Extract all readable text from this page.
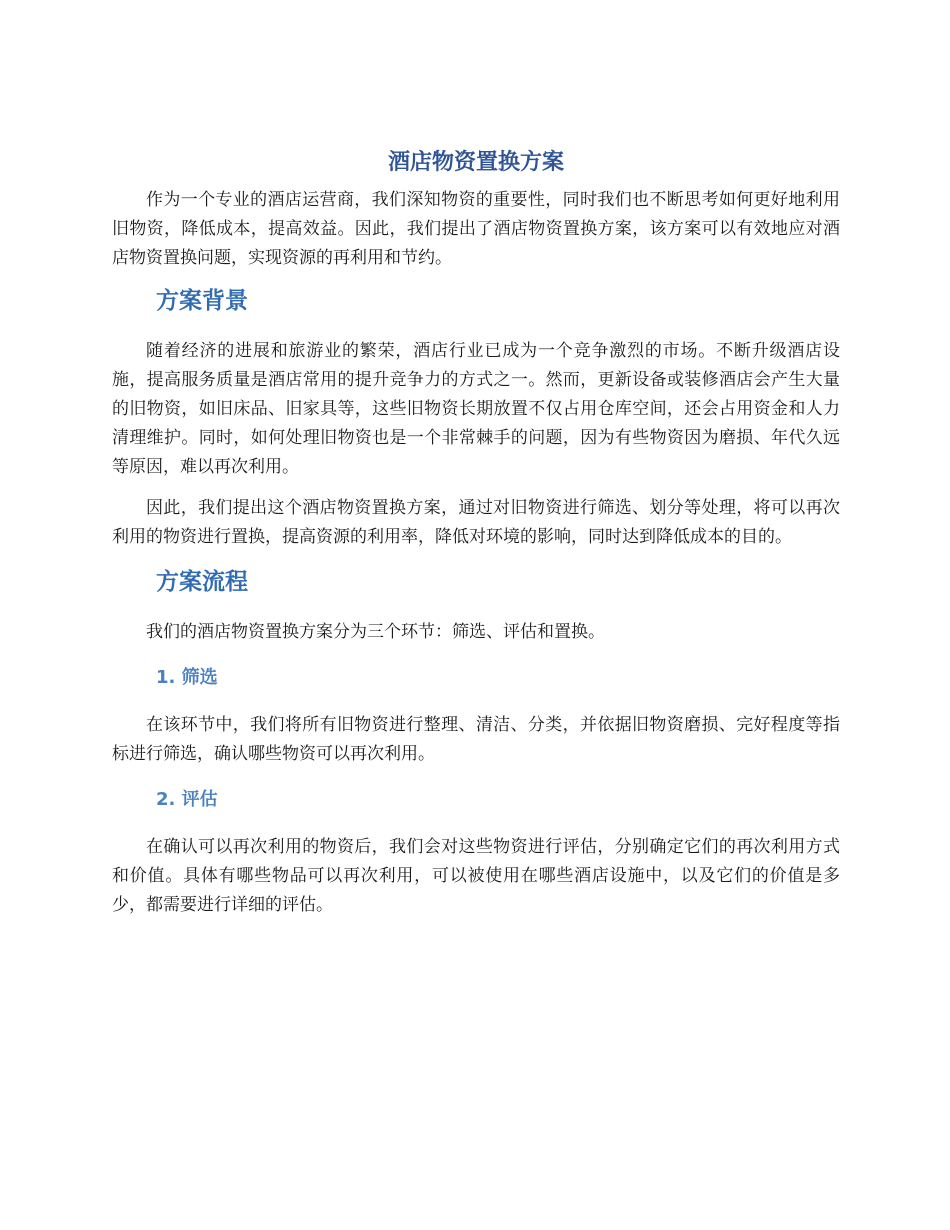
酒店物资置换方案

作为一个专业的酒店运营商，我们深知物资的重要性，同时我们也不断思考如何更好地利用旧物资，降低成本，提高效益。因此，我们提出了酒店物资置换方案，该方案可以有效地应对酒店物资置换问题，实现资源的再利用和节约。

方案背景

随着经济的进展和旅游业的繁荣，酒店行业已成为一个竞争激烈的市场。不断升级酒店设施，提高服务质量是酒店常用的提升竞争力的方式之一。然而，更新设备或装修酒店会产生大量的旧物资，如旧床品、旧家具等，这些旧物资长期放置不仅占用仓库空间，还会占用资金和人力清理维护。同时，如何处理旧物资也是一个非常棘手的问题，因为有些物资因为磨损、年代久远等原因，难以再次利用。

因此，我们提出这个酒店物资置换方案，通过对旧物资进行筛选、划分等处理，将可以再次利用的物资进行置换，提高资源的利用率，降低对环境的影响，同时达到降低成本的目的。

方案流程

我们的酒店物资置换方案分为三个环节：筛选、评估和置换。

1. 筛选

在该环节中，我们将所有旧物资进行整理、清洁、分类，并依据旧物资磨损、完好程度等指标进行筛选，确认哪些物资可以再次利用。

2. 评估

在确认可以再次利用的物资后，我们会对这些物资进行评估，分别确定它们的再次利用方式和价值。具体有哪些物品可以再次利用，可以被使用在哪些酒店设施中，以及它们的价值是多少，都需要进行详细的评估。
